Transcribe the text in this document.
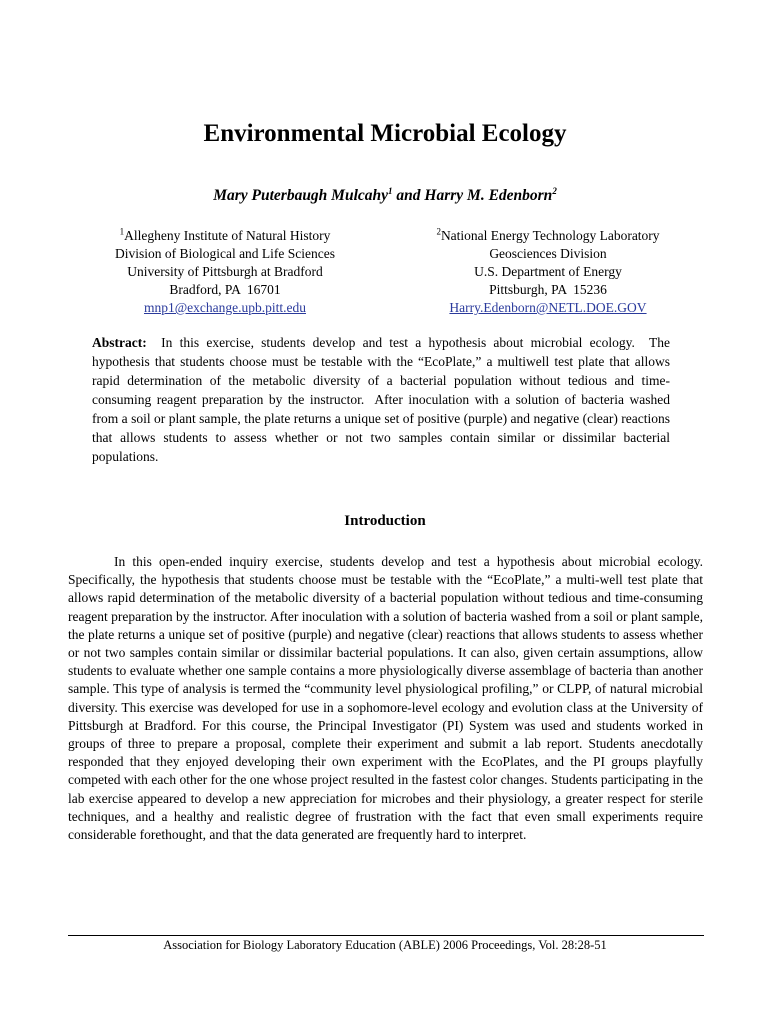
Environmental Microbial Ecology
Mary Puterbaugh Mulcahy$^1$ and Harry M. Edenborn$^2$
$^1$Allegheny Institute of Natural History
Division of Biological and Life Sciences
University of Pittsburgh at Bradford
Bradford, PA  16701
mnp1@exchange.upb.pitt.edu
$^2$National Energy Technology Laboratory
Geosciences Division
U.S. Department of Energy
Pittsburgh, PA  15236
Harry.Edenborn@NETL.DOE.GOV
Abstract:  In this exercise, students develop and test a hypothesis about microbial ecology.  The hypothesis that students choose must be testable with the “EcoPlate,” a multiwell test plate that allows rapid determination of the metabolic diversity of a bacterial population without tedious and time-consuming reagent preparation by the instructor.  After inoculation with a solution of bacteria washed from a soil or plant sample, the plate returns a unique set of positive (purple) and negative (clear) reactions that allows students to assess whether or not two samples contain similar or dissimilar bacterial populations.
Introduction
In this open-ended inquiry exercise, students develop and test a hypothesis about microbial ecology. Specifically, the hypothesis that students choose must be testable with the “EcoPlate,” a multi-well test plate that allows rapid determination of the metabolic diversity of a bacterial population without tedious and time-consuming reagent preparation by the instructor. After inoculation with a solution of bacteria washed from a soil or plant sample, the plate returns a unique set of positive (purple) and negative (clear) reactions that allows students to assess whether or not two samples contain similar or dissimilar bacterial populations. It can also, given certain assumptions, allow students to evaluate whether one sample contains a more physiologically diverse assemblage of bacteria than another sample. This type of analysis is termed the “community level physiological profiling,” or CLPP, of natural microbial diversity. This exercise was developed for use in a sophomore-level ecology and evolution class at the University of Pittsburgh at Bradford. For this course, the Principal Investigator (PI) System was used and students worked in groups of three to prepare a proposal, complete their experiment and submit a lab report. Students anecdotally responded that they enjoyed developing their own experiment with the EcoPlates, and the PI groups playfully competed with each other for the one whose project resulted in the fastest color changes. Students participating in the lab exercise appeared to develop a new appreciation for microbes and their physiology, a greater respect for sterile techniques, and a healthy and realistic degree of frustration with the fact that even small experiments require considerable forethought, and that the data generated are frequently hard to interpret.
Association for Biology Laboratory Education (ABLE) 2006 Proceedings, Vol. 28:28-51
